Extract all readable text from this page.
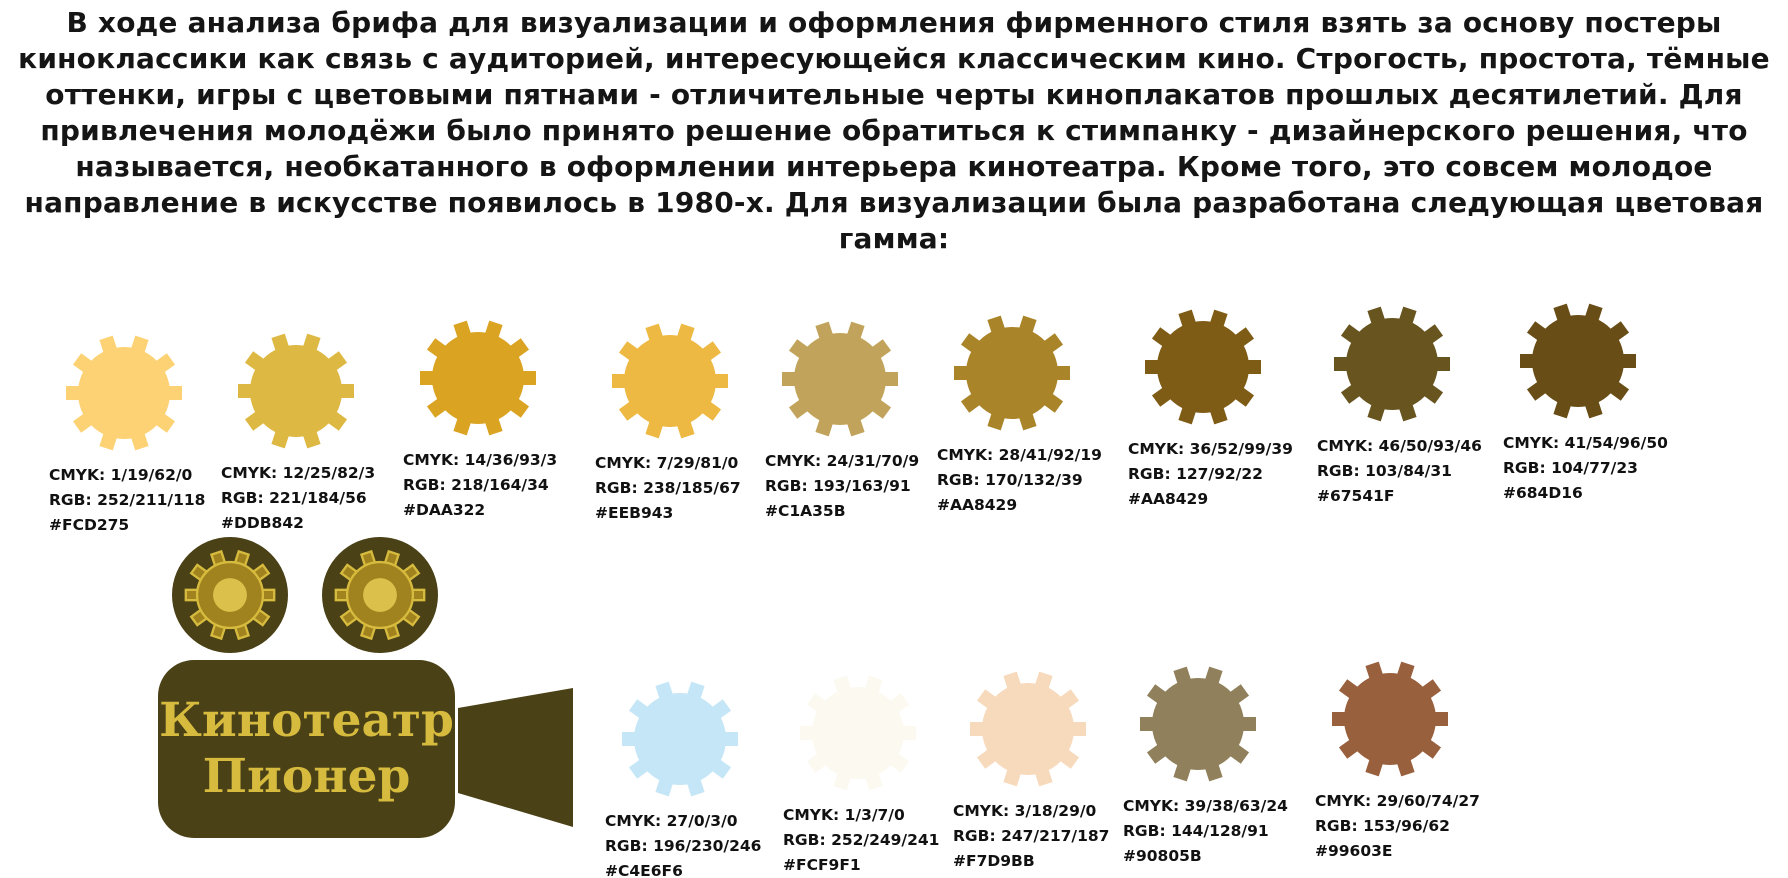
В ходе анализа брифа для визуализации и оформления фирменного стиля взять за основу постеры
киноклассики как связь с аудиторией, интересующейся классическим кино. Строгость, простота, тёмные
оттенки, игры с цветовыми пятнами - отличительные черты киноплакатов прошлых десятилетий. Для
привлечения молодёжи было принято решение обратиться к стимпанку - дизайнерского решения, что
называется, необкатанного в оформлении интерьера кинотеатра. Кроме того, это совсем молодое
направление в искусстве появилось в 1980-х. Для визуализации была разработана следующая цветовая
гамма:
CMYK: 1/19/62/0
RGB: 252/211/118
#FCD275
CMYK: 12/25/82/3
RGB: 221/184/56
#DDB842
CMYK: 14/36/93/3
RGB: 218/164/34
#DAA322
CMYK: 7/29/81/0
RGB: 238/185/67
#EEB943
CMYK: 24/31/70/9
RGB: 193/163/91
#C1A35B
CMYK: 28/41/92/19
RGB: 170/132/39
#AA8429
CMYK: 36/52/99/39
RGB: 127/92/22
#AA8429
CMYK: 46/50/93/46
RGB: 103/84/31
#67541F
CMYK: 41/54/96/50
RGB: 104/77/23
#684D16
Кинотеатр
Пионер
CMYK: 27/0/3/0
RGB: 196/230/246
#C4E6F6
CMYK: 1/3/7/0
RGB: 252/249/241
#FCF9F1
CMYK: 3/18/29/0
RGB: 247/217/187
#F7D9BB
CMYK: 39/38/63/24
RGB: 144/128/91
#90805B
CMYK: 29/60/74/27
RGB: 153/96/62
#99603E
